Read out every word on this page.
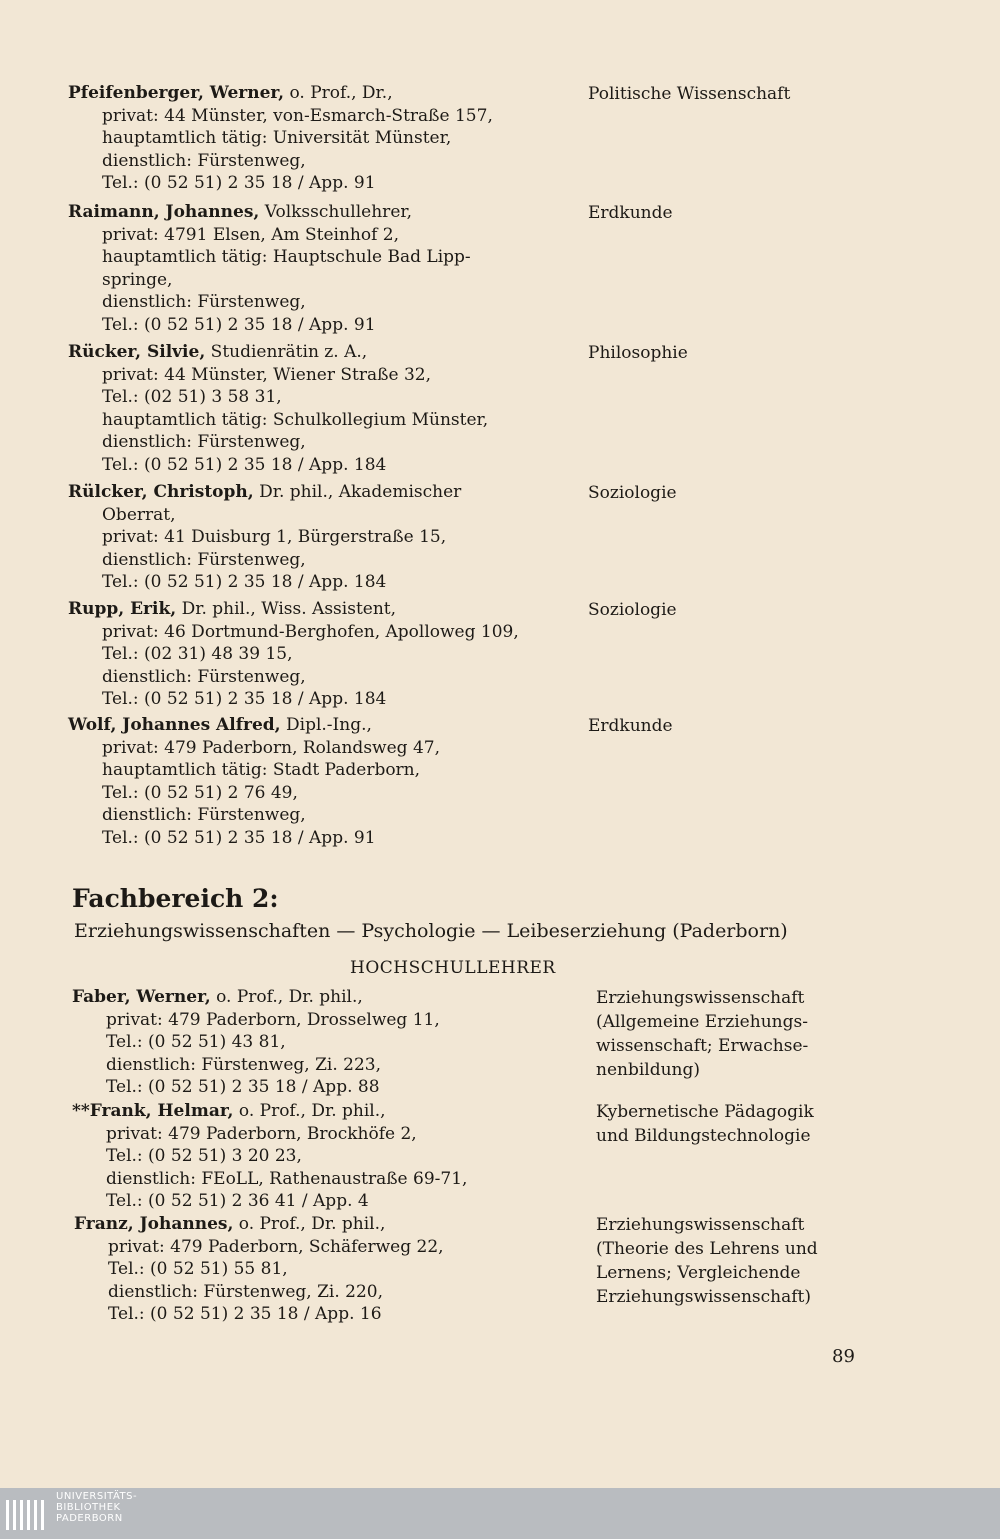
Pfeifenberger, Werner, o. Prof., Dr.,
privat: 44 Münster, von-Esmarch-Straße 157,
hauptamtlich tätig: Universität Münster,
dienstlich: Fürstenweg,
Tel.: (0 52 51) 2 35 18 / App. 91
Politische Wissenschaft
Raimann, Johannes, Volksschullehrer,
privat: 4791 Elsen, Am Steinhof 2,
hauptamtlich tätig: Hauptschule Bad Lipp-
springe,
dienstlich: Fürstenweg,
Tel.: (0 52 51) 2 35 18 / App. 91
Erdkunde
Rücker, Silvie, Studienrätin z. A.,
privat: 44 Münster, Wiener Straße 32,
Tel.: (02 51) 3 58 31,
hauptamtlich tätig: Schulkollegium Münster,
dienstlich: Fürstenweg,
Tel.: (0 52 51) 2 35 18 / App. 184
Philosophie
Rülcker, Christoph, Dr. phil., Akademischer
Oberrat,
privat: 41 Duisburg 1, Bürgerstraße 15,
dienstlich: Fürstenweg,
Tel.: (0 52 51) 2 35 18 / App. 184
Soziologie
Rupp, Erik, Dr. phil., Wiss. Assistent,
privat: 46 Dortmund-Berghofen, Apolloweg 109,
Tel.: (02 31) 48 39 15,
dienstlich: Fürstenweg,
Tel.: (0 52 51) 2 35 18 / App. 184
Soziologie
Wolf, Johannes Alfred, Dipl.-Ing.,
privat: 479 Paderborn, Rolandsweg 47,
hauptamtlich tätig: Stadt Paderborn,
Tel.: (0 52 51) 2 76 49,
dienstlich: Fürstenweg,
Tel.: (0 52 51) 2 35 18 / App. 91
Erdkunde
Fachbereich 2:
Erziehungswissenschaften — Psychologie — Leibeserziehung (Paderborn)
HOCHSCHULLEHRER
Faber, Werner, o. Prof., Dr. phil.,
privat: 479 Paderborn, Drosselweg 11,
Tel.: (0 52 51) 43 81,
dienstlich: Fürstenweg, Zi. 223,
Tel.: (0 52 51) 2 35 18 / App. 88
Erziehungswissenschaft
(Allgemeine Erziehungs-
wissenschaft; Erwachse-
nenbildung)
**Frank, Helmar, o. Prof., Dr. phil.,
privat: 479 Paderborn, Brockhöfe 2,
Tel.: (0 52 51) 3 20 23,
dienstlich: FEoLL, Rathenaustraße 69-71,
Tel.: (0 52 51) 2 36 41 / App. 4
Kybernetische Pädagogik
und Bildungstechnologie
Franz, Johannes, o. Prof., Dr. phil.,
privat: 479 Paderborn, Schäferweg 22,
Tel.: (0 52 51) 55 81,
dienstlich: Fürstenweg, Zi. 220,
Tel.: (0 52 51) 2 35 18 / App. 16
Erziehungswissenschaft
(Theorie des Lehrens und
Lernens; Vergleichende
Erziehungswissenschaft)
89
UNIVERSITÄTS-
BIBLIOTHEK
PADERBORN
